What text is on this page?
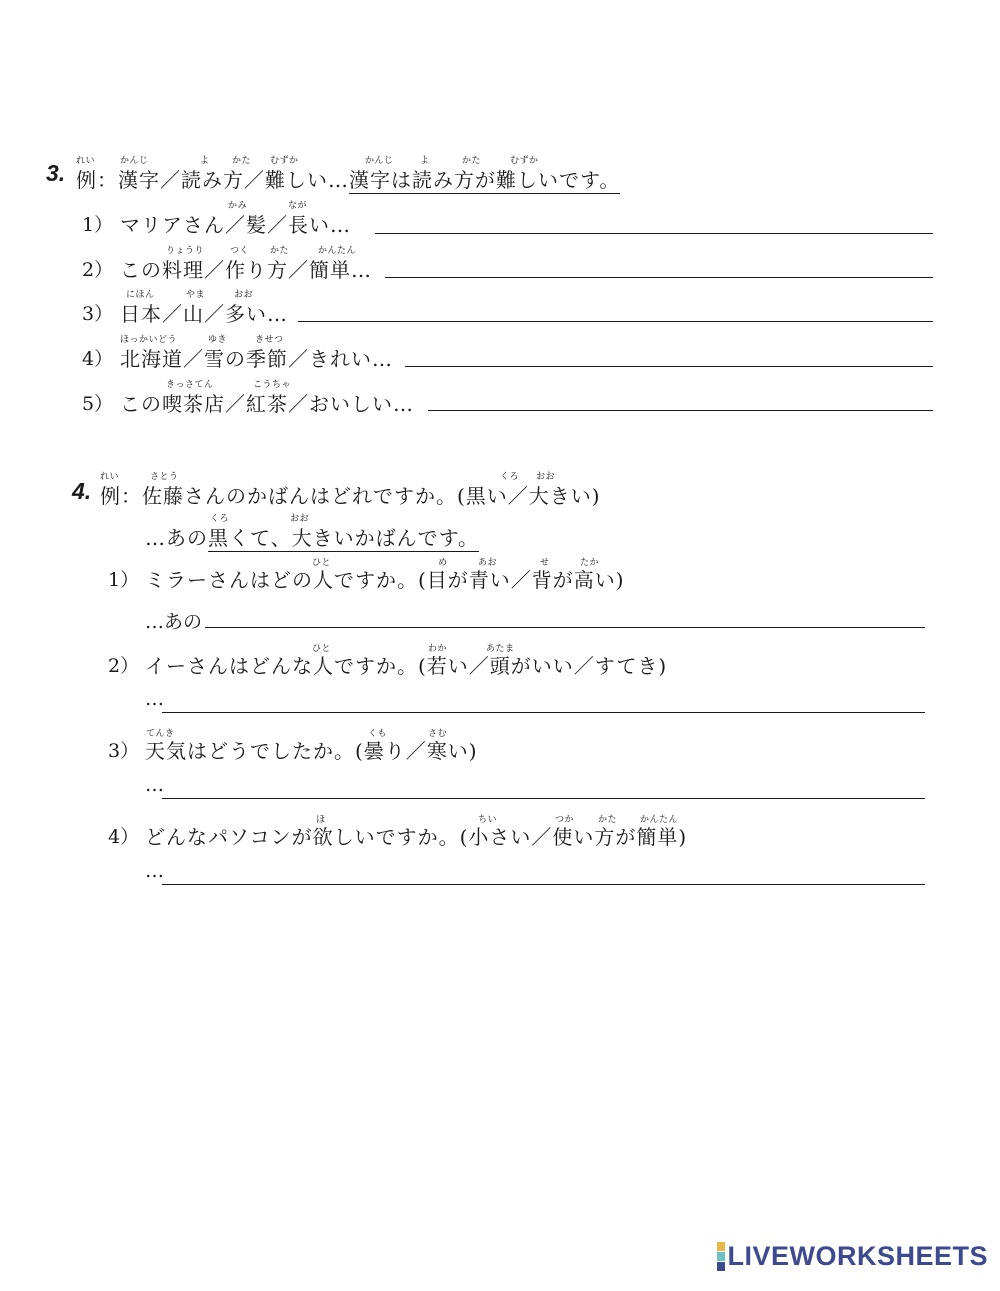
3. れい	かんじ	よ かた むずか	かんじ	よ	かた	むずか
例：漢字／読み方／難しい…漢字は読み方が難しいです。
かみ	なが
1） マリアさん／髪／長い…
りょうり	つく かた	かんたん
2） この料理／作り方／簡単…
にほん	やま	おお
3） 日本／山／多い…
ほっかいどう	ゆき	きせつ
4） 北海道／雪の季節／きれい…
きっさてん	こうちゃ
5） この喫茶店／紅茶／おいしい…
4.
れい	さとう	くろ おお
例：佐藤さんのかばんはどれですか。(黒い／大きい)
くろ	おお
…あの黒くて、大きいかばんです。
ひと	め	あお	せ	たか
1） ミラーさんはどの人ですか。(目が青い／背が高い)
…あの
ひと	わか	あたま
2） イーさんはどんな人ですか。(若い／頭がいい／すてき)
…
てんき	くも	さむ
3） 天気はどうでしたか。(曇り／寒い)
…
ほ	ちい	つか	かた	かんたん
4） どんなパソコンが欲しいですか。(小さい／使い方が簡単)
…
LIVEWORKSHEETS
